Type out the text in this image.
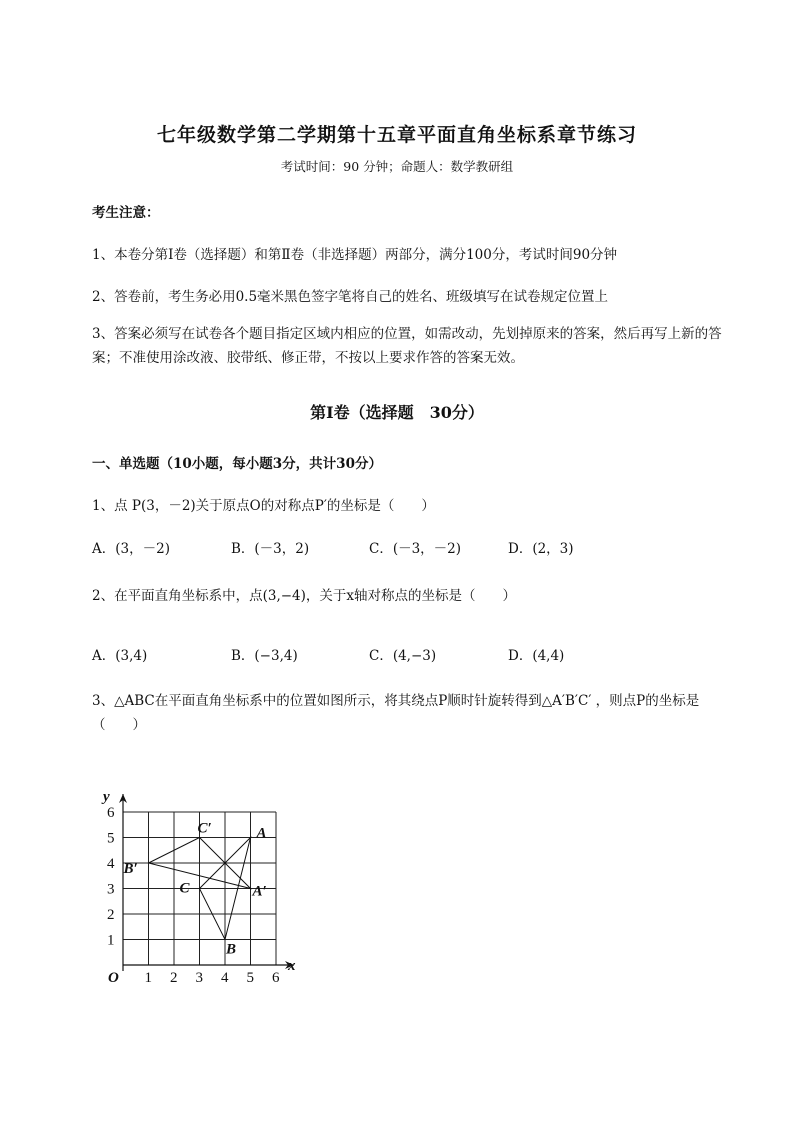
七年级数学第二学期第十五章平面直角坐标系章节练习
考试时间：90 分钟；命题人：数学教研组
考生注意：
1、本卷分第Ⅰ卷（选择题）和第Ⅱ卷（非选择题）两部分，满分100分，考试时间90分钟
2、答卷前，考生务必用0.5毫米黑色签字笔将自己的姓名、班级填写在试卷规定位置上
3、答案必须写在试卷各个题目指定区域内相应的位置，如需改动，先划掉原来的答案，然后再写上新的答案；不准使用涂改液、胶带纸、修正带，不按以上要求作答的答案无效。
第Ⅰ卷（选择题　30分）
一、单选题（10小题，每小题3分，共计30分）
1、点 P(3，－2)关于原点O的对称点P′的坐标是（　　）
A．(3，－2)	B．(－3，2)	C．(－3，－2)	D．(2，3)
2、在平面直角坐标系中，点(3,−4)，关于x轴对称点的坐标是（　　）
A．(3,4)	B．(−3,4)	C．(4,−3)	D．(4,4)
3、△ABC在平面直角坐标系中的位置如图所示，将其绕点P顺时针旋转得到△A′B′C′ ，则点P的坐标是（　　）
1 2 3 4 5 6
1
2
3
4
5
6
O
x
y
A
B
C	A′
B′
C′
